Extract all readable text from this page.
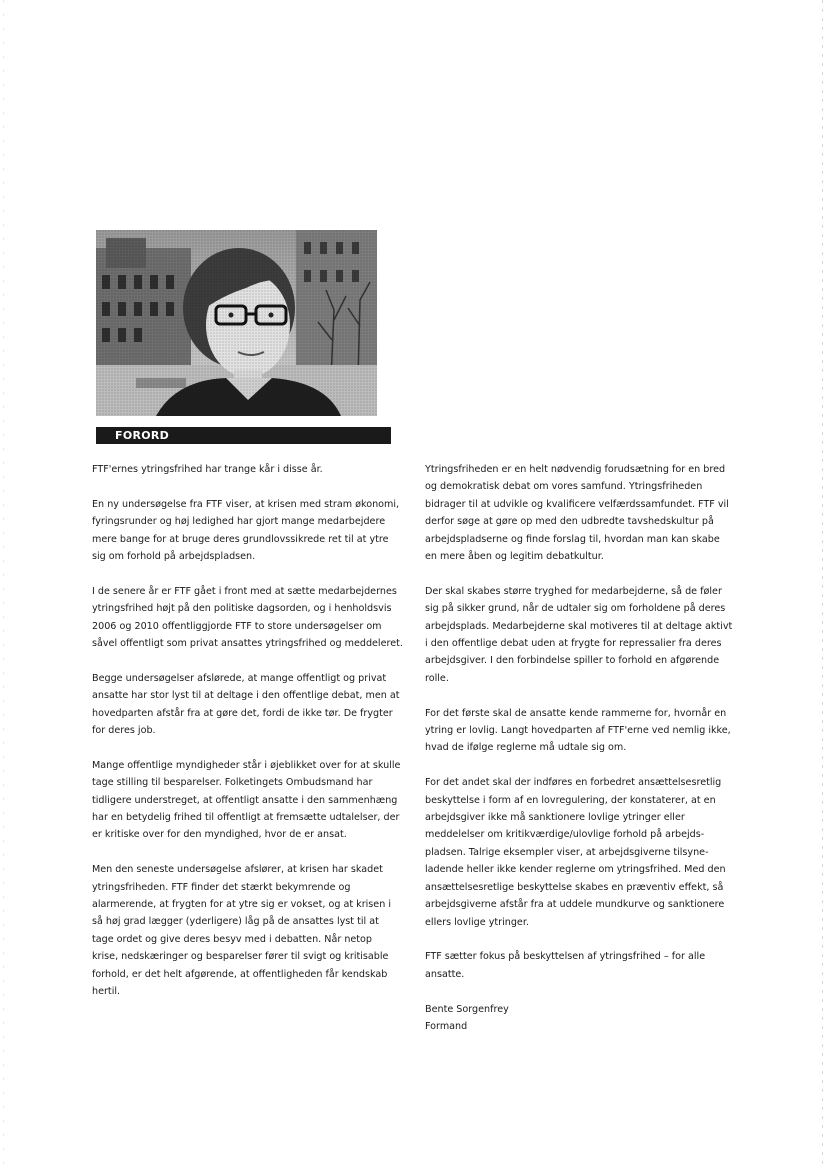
FORORD

FTF'ernes ytringsfrihed har trange kår i disse år.

En ny undersøgelse fra FTF viser, at krisen med stram økonomi,
fyringsrunder og høj ledighed har gjort mange medarbejdere
mere bange for at bruge deres grundlovssikrede ret til at ytre
sig om forhold på arbejdspladsen.

I de senere år er FTF gået i front med at sætte medarbejdernes
ytringsfrihed højt på den politiske dagsorden, og i henholdsvis
2006 og 2010 offentliggjorde FTF to store undersøgelser om
såvel offentligt som privat ansattes ytringsfrihed og meddeleret.

Begge undersøgelser afslørede, at mange offentligt og privat
ansatte har stor lyst til at deltage i den offentlige debat, men at
hovedparten afstår fra at gøre det, fordi de ikke tør. De frygter
for deres job.

Mange offentlige myndigheder står i øjeblikket over for at skulle
tage stilling til besparelser. Folketingets Ombudsmand har
tidligere understreget, at offentligt ansatte i den sammenhæng
har en betydelig frihed til offentligt at fremsætte udtalelser, der
er kritiske over for den myndighed, hvor de er ansat.

Men den seneste undersøgelse afslører, at krisen har skadet
ytringsfriheden. FTF finder det stærkt bekymrende og
alarmerende, at frygten for at ytre sig er vokset, og at krisen i
så høj grad lægger (yderligere) låg på de ansattes lyst til at
tage ordet og give deres besyv med i debatten. Når netop
krise, nedskæringer og besparelser fører til svigt og kritisable
forhold, er det helt afgørende, at offentligheden får kendskab
hertil.

Ytringsfriheden er en helt nødvendig forudsætning for en bred
og demokratisk debat om vores samfund. Ytringsfriheden
bidrager til at udvikle og kvalificere velfærdssamfundet. FTF vil
derfor søge at gøre op med den udbredte tavshedskultur på
arbejdspladserne og finde forslag til, hvordan man kan skabe
en mere åben og legitim debatkultur.

Der skal skabes større tryghed for medarbejderne, så de føler
sig på sikker grund, når de udtaler sig om forholdene på deres
arbejdsplads. Medarbejderne skal motiveres til at deltage aktivt
i den offentlige debat uden at frygte for repressalier fra deres
arbejdsgiver. I den forbindelse spiller to forhold en afgørende
rolle.

For det første skal de ansatte kende rammerne for, hvornår en
ytring er lovlig. Langt hovedparten af FTF'erne ved nemlig ikke,
hvad de ifølge reglerne må udtale sig om.

For det andet skal der indføres en forbedret ansættelsesretlig
beskyttelse i form af en lovregulering, der konstaterer, at en
arbejdsgiver ikke må sanktionere lovlige ytringer eller
meddelelser om kritikværdige/ulovlige forhold på arbejds-
pladsen. Talrige eksempler viser, at arbejdsgiverne tilsyne-
ladende heller ikke kender reglerne om ytringsfrihed. Med den
ansættelsesretlige beskyttelse skabes en præventiv effekt, så
arbejdsgiverne afstår fra at uddele mundkurve og sanktionere
ellers lovlige ytringer.

FTF sætter fokus på beskyttelsen af ytringsfrihed – for alle
ansatte.

Bente Sorgenfrey
Formand
